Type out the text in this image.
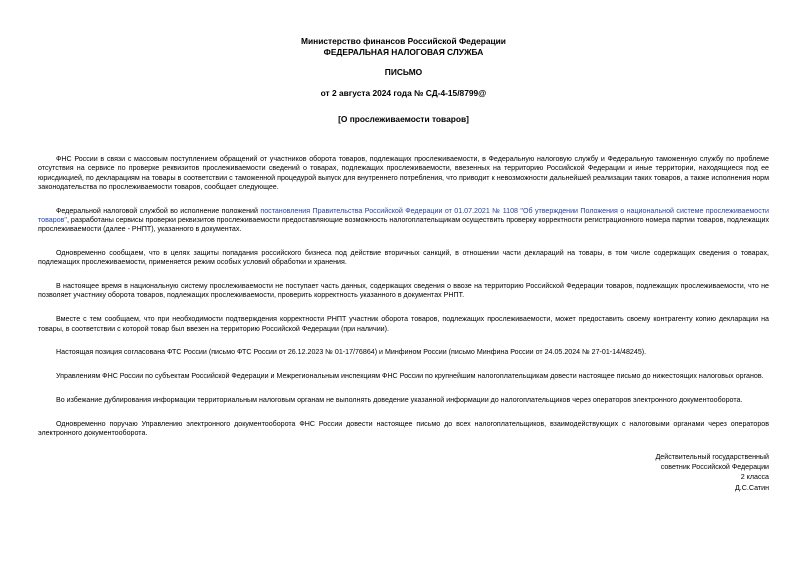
Министерство финансов Российской Федерации
ФЕДЕРАЛЬНАЯ НАЛОГОВАЯ СЛУЖБА
ПИСЬМО
от 2 августа 2024 года № СД-4-15/8799@
[О прослеживаемости товаров]

ФНС России в связи с массовым поступлением обращений от участников оборота товаров, подлежащих прослеживаемости, в Федеральную налоговую службу и Федеральную таможенную службу по проблеме отсутствия на сервисе по проверке реквизитов прослеживаемости сведений о товарах, подлежащих прослеживаемости, ввезенных на территорию Российской Федерации и иные территории, находящиеся под ее юрисдикцией, по декларациям на товары в соответствии с таможенной процедурой выпуск для внутреннего потребления, что приводит к невозможности дальнейшей реализации таких товаров, а также исполнения норм законодательства по прослеживаемости товаров, сообщает следующее.

Федеральной налоговой службой во исполнение положений постановления Правительства Российской Федерации от 01.07.2021 № 1108 "Об утверждении Положения о национальной системе прослеживаемости товаров", разработаны сервисы проверки реквизитов прослеживаемости предоставляющие возможность налогоплательщикам осуществить проверку корректности регистрационного номера партии товаров, подлежащих прослеживаемости (далее - РНПТ), указанного в документах.

Одновременно сообщаем, что в целях защиты попадания российского бизнеса под действие вторичных санкций, в отношении части деклараций на товары, в том числе содержащих сведения о товарах, подлежащих прослеживаемости, применяется режим особых условий обработки и хранения.

В настоящее время в национальную систему прослеживаемости не поступает часть данных, содержащих сведения о ввозе на территорию Российской Федерации товаров, подлежащих прослеживаемости, что не позволяет участнику оборота товаров, подлежащих прослеживаемости, проверить корректность указанного в документах РНПТ.

Вместе с тем сообщаем, что при необходимости подтверждения корректности РНПТ участник оборота товаров, подлежащих прослеживаемости, может предоставить своему контрагенту копию декларации на товары, в соответствии с которой товар был ввезен на территорию Российской Федерации (при наличии).

Настоящая позиция согласована ФТС России (письмо ФТС России от 26.12.2023 № 01-17/76864) и Минфином России (письмо Минфина России от 24.05.2024 № 27-01-14/48245).

Управлениям ФНС России по субъектам Российской Федерации и Межрегиональным инспекциям ФНС России по крупнейшим налогоплательщикам довести настоящее письмо до нижестоящих налоговых органов.

Во избежание дублирования информации территориальным налоговым органам не выполнять доведение указанной информации до налогоплательщиков через операторов электронного документооборота.

Одновременно поручаю Управлению электронного документооборота ФНС России довести настоящее письмо до всех налогоплательщиков, взаимодействующих с налоговыми органами через операторов электронного документооборота.

Действительный государственный
советник Российской Федерации
2 класса
Д.С.Сатин
